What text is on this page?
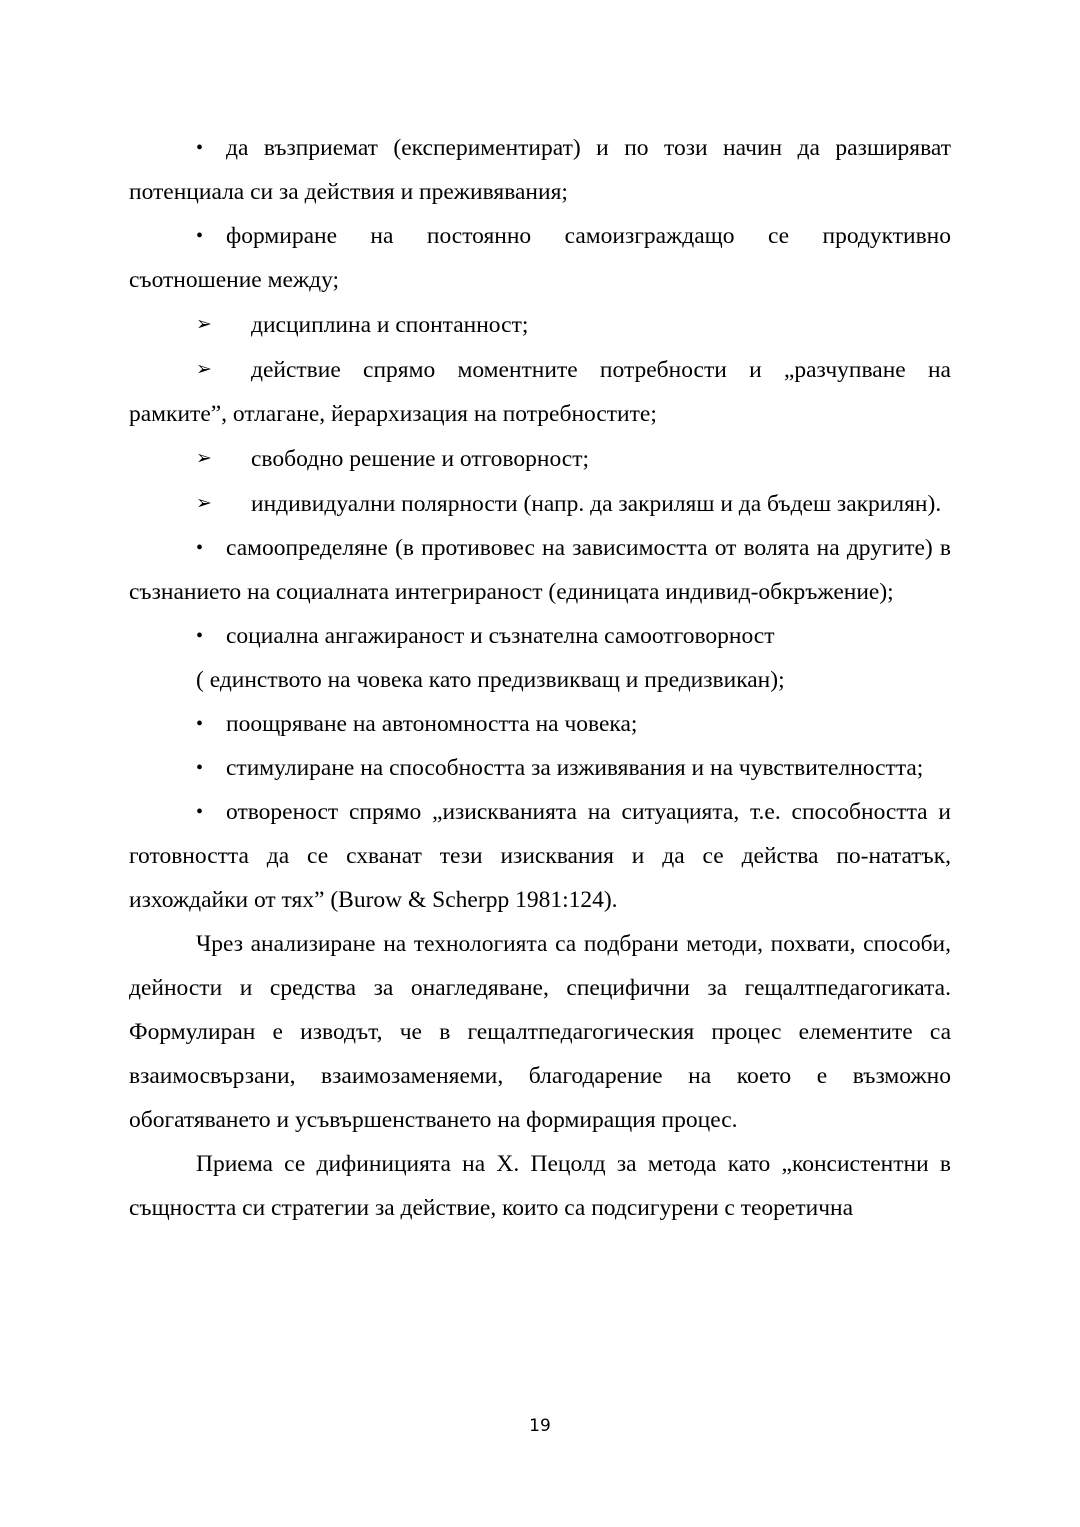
• да възприемат (експериментират) и по този начин да разширяват потенциала си за действия и преживявания;

• формиране на постоянно самоизграждащо се продуктивно съотношение между;

➢ дисциплина и спонтанност;

➢ действие спрямо моментните потребности и „разчупване на рамките”, отлагане, йерархизация на потребностите;

➢ свободно решение и отговорност;

➢ индивидуални полярности (напр. да закриляш и да бъдеш закрилян).

• самоопределяне (в противовес на зависимостта от волята на другите) в съзнанието на социалната интегрираност (единицата индивид-обкръжение);

• социална ангажираност и съзнателна самоотговорност

( единството на човека като предизвикващ и предизвикан);

• поощряване на автономността на човека;

• стимулиране на способността за изживявания и на чувствителността;

• отвореност спрямо „изискванията на ситуацията, т.е. способността и готовността да се схванат тези изисквания и да се действа по-нататък, изхождайки от тях” (Burow & Scherpp 1981:124).

Чрез анализиране на технологията са подбрани методи, похвати, способи, дейности и средства за онагледяване, специфични за гещалтпедагогиката. Формулиран е изводът, че в гещалтпедагогическия процес елементите са взаимосвързани, взаимозаменяеми, благодарение на което е възможно обогатяването и усъвършенстването на формиращия процес.

Приема се дифиницията на Х. Пецолд за метода като „консистентни в същността си стратегии за действие, които са подсигурени с теоретична

19
